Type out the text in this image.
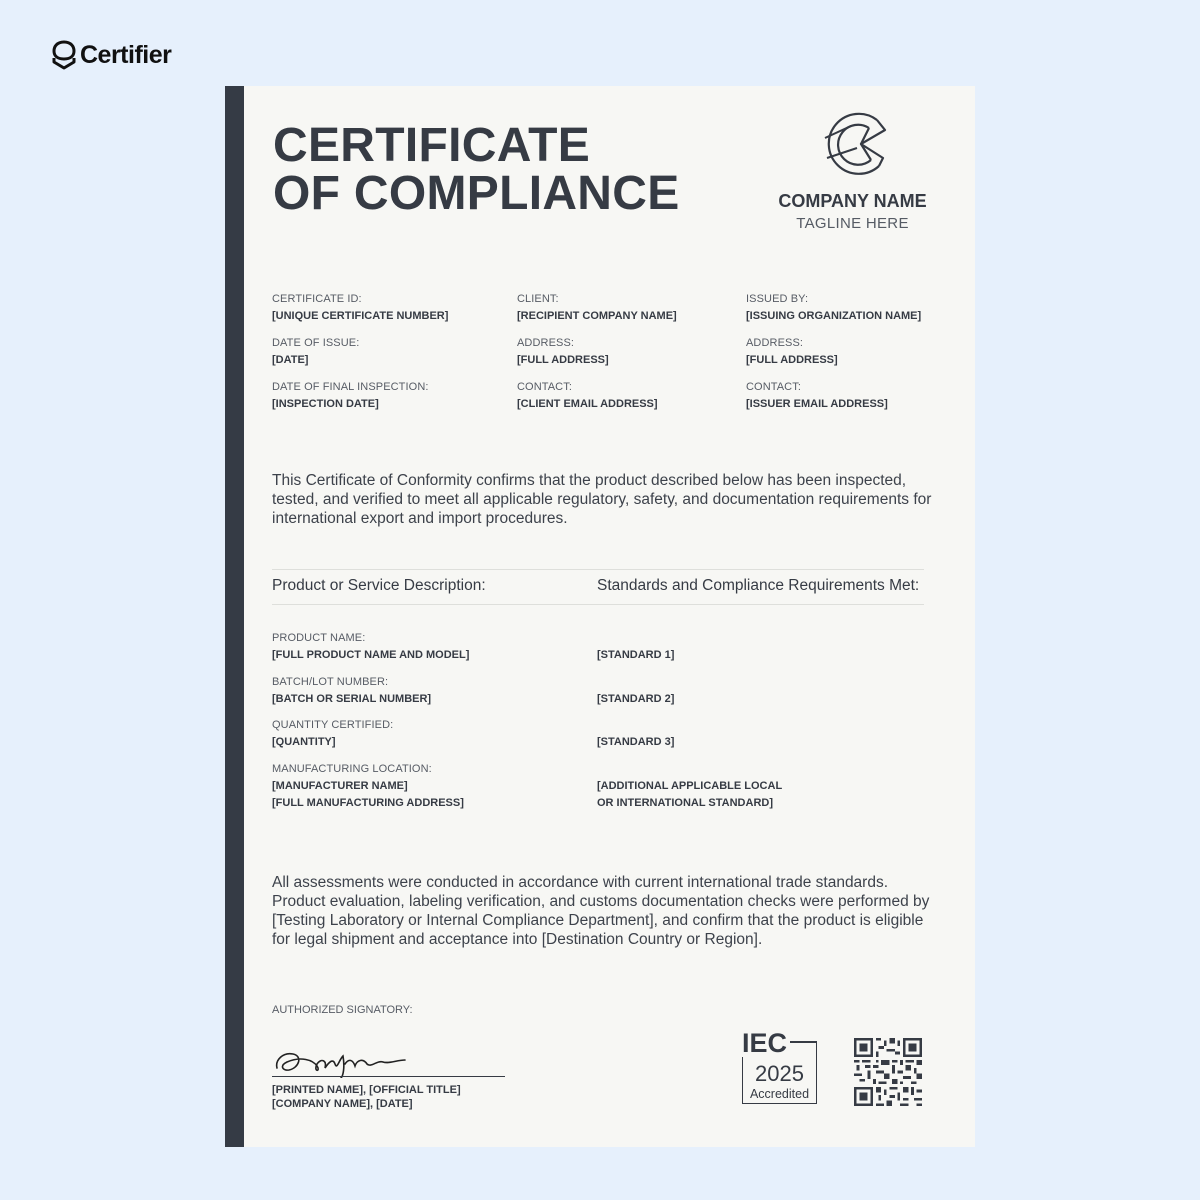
Certifier
CERTIFICATE
OF COMPLIANCE	COMPANY NAME
TAGLINE HERE
CERTIFICATE ID:
[UNIQUE CERTIFICATE NUMBER]
DATE OF ISSUE:
[DATE]
DATE OF FINAL INSPECTION:
[INSPECTION DATE]
CLIENT:
[RECIPIENT COMPANY NAME]
ADDRESS:
[FULL ADDRESS]
CONTACT:
[CLIENT EMAIL ADDRESS]
ISSUED BY:
[ISSUING ORGANIZATION NAME]
ADDRESS:
[FULL ADDRESS]
CONTACT:
[ISSUER EMAIL ADDRESS]
This Certificate of Conformity confirms that the product described below has been inspected, tested, and verified to meet all applicable regulatory, safety, and documentation requirements for international export and import procedures.
Product or Service Description:	Standards and Compliance Requirements Met:
PRODUCT NAME:
[FULL PRODUCT NAME AND MODEL]
BATCH/LOT NUMBER:
[BATCH OR SERIAL NUMBER]
QUANTITY CERTIFIED:
[QUANTITY]
MANUFACTURING LOCATION:
[MANUFACTURER NAME]
[FULL MANUFACTURING ADDRESS]
[STANDARD 1]
[STANDARD 2]
[STANDARD 3]
[ADDITIONAL APPLICABLE LOCAL
OR INTERNATIONAL STANDARD]
All assessments were conducted in accordance with current international trade standards. Product evaluation, labeling verification, and customs documentation checks were performed by [Testing Laboratory or Internal Compliance Department], and confirm that the product is eligible for legal shipment and acceptance into [Destination Country or Region].
AUTHORIZED SIGNATORY:
[PRINTED NAME], [OFFICIAL TITLE]
[COMPANY NAME], [DATE]
IEC
2025
Accredited
